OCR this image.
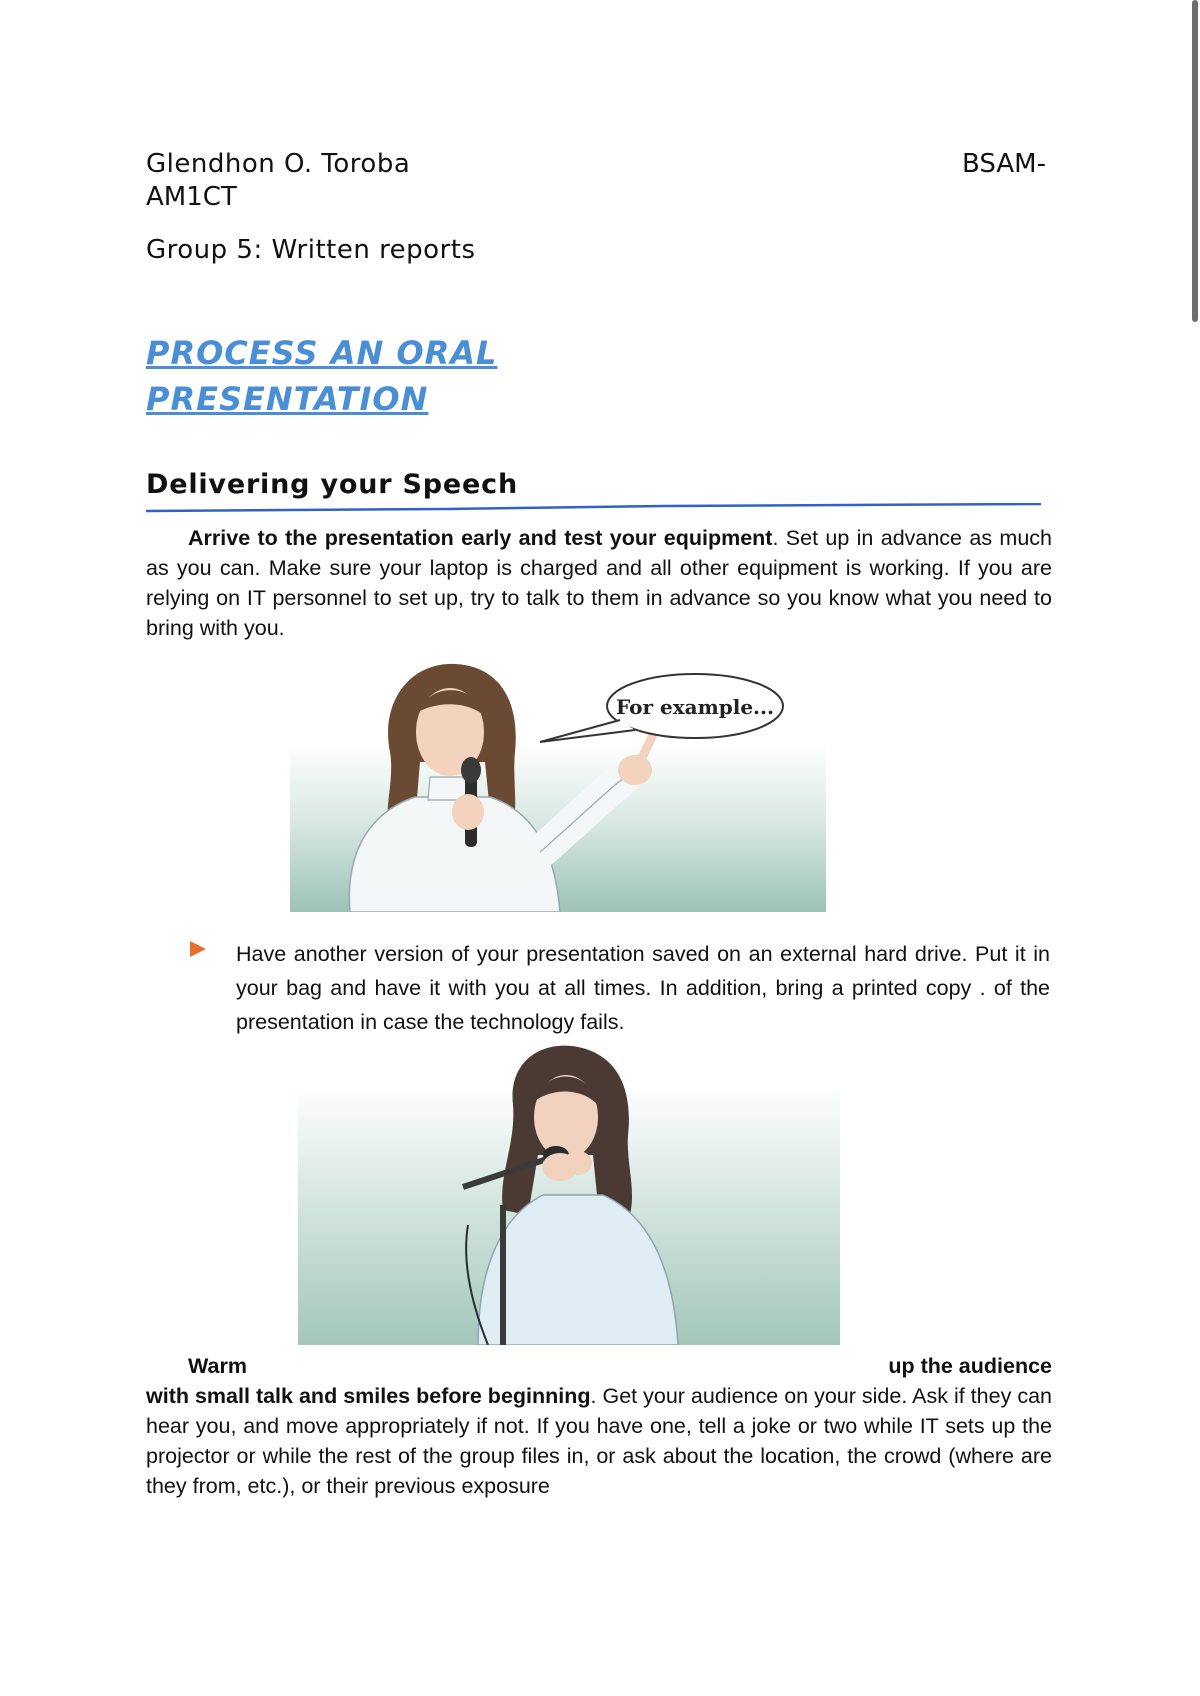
Glendhon O. Toroba	BSAM-
AM1CT
Group 5: Written reports
PROCESS AN ORAL
PRESENTATION
Delivering your Speech
Arrive to the presentation early and test your equipment. Set up in advance as much as you can. Make sure your laptop is charged and all other equipment is working. If you are relying on IT personnel to set up, try to talk to them in advance so you know what you need to bring with you.
For example...
Have another version of your presentation saved on an external hard drive. Put it in your bag and have it with you at all times. In addition, bring a printed copy . of the presentation in case the technology fails.
Warm	up the audience
with small talk and smiles before beginning. Get your audience on your side. Ask if they can hear you, and move appropriately if not. If you have one, tell a joke or two while IT sets up the projector or while the rest of the group files in, or ask about the location, the crowd (where are they from, etc.), or their previous exposure
